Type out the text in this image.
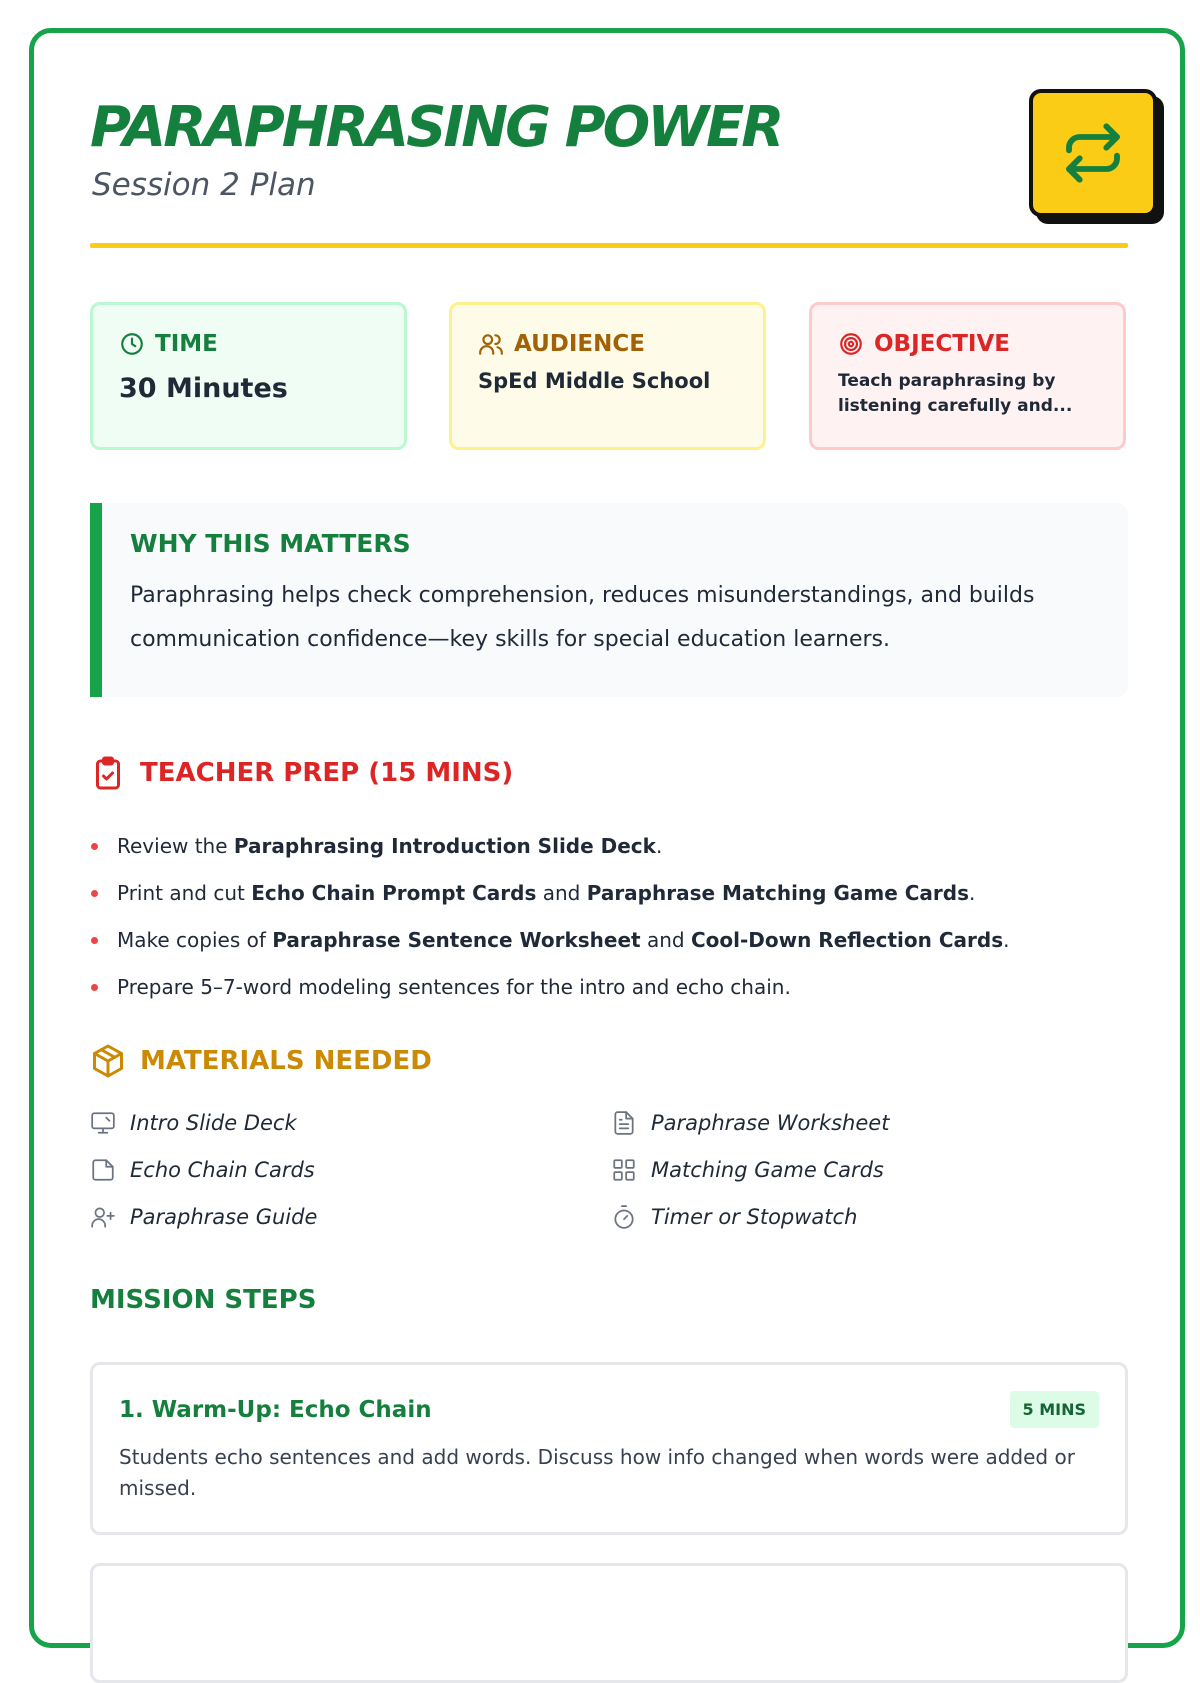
PARAPHRASING POWER
Session 2 Plan
TIME
30 Minutes
AUDIENCE
SpEd Middle School
OBJECTIVE
Teach paraphrasing by listening carefully and...
WHY THIS MATTERS

Paraphrasing helps check comprehension, reduces misunderstandings, and builds communication confidence—key skills for special education learners.

TEACHER PREP (15 MINS)
Review the Paraphrasing Introduction Slide Deck.
Print and cut Echo Chain Prompt Cards and Paraphrase Matching Game Cards.
Make copies of Paraphrase Sentence Worksheet and Cool-Down Reflection Cards.
Prepare 5–7-word modeling sentences for the intro and echo chain.
MATERIALS NEEDED
Intro Slide Deck	Paraphrase Worksheet
Echo Chain Cards	Matching Game Cards
Paraphrase Guide	Timer or Stopwatch
MISSION STEPS
1. Warm-Up: Echo Chain	5 MINS

Students echo sentences and add words. Discuss how info changed when words were added or missed.
